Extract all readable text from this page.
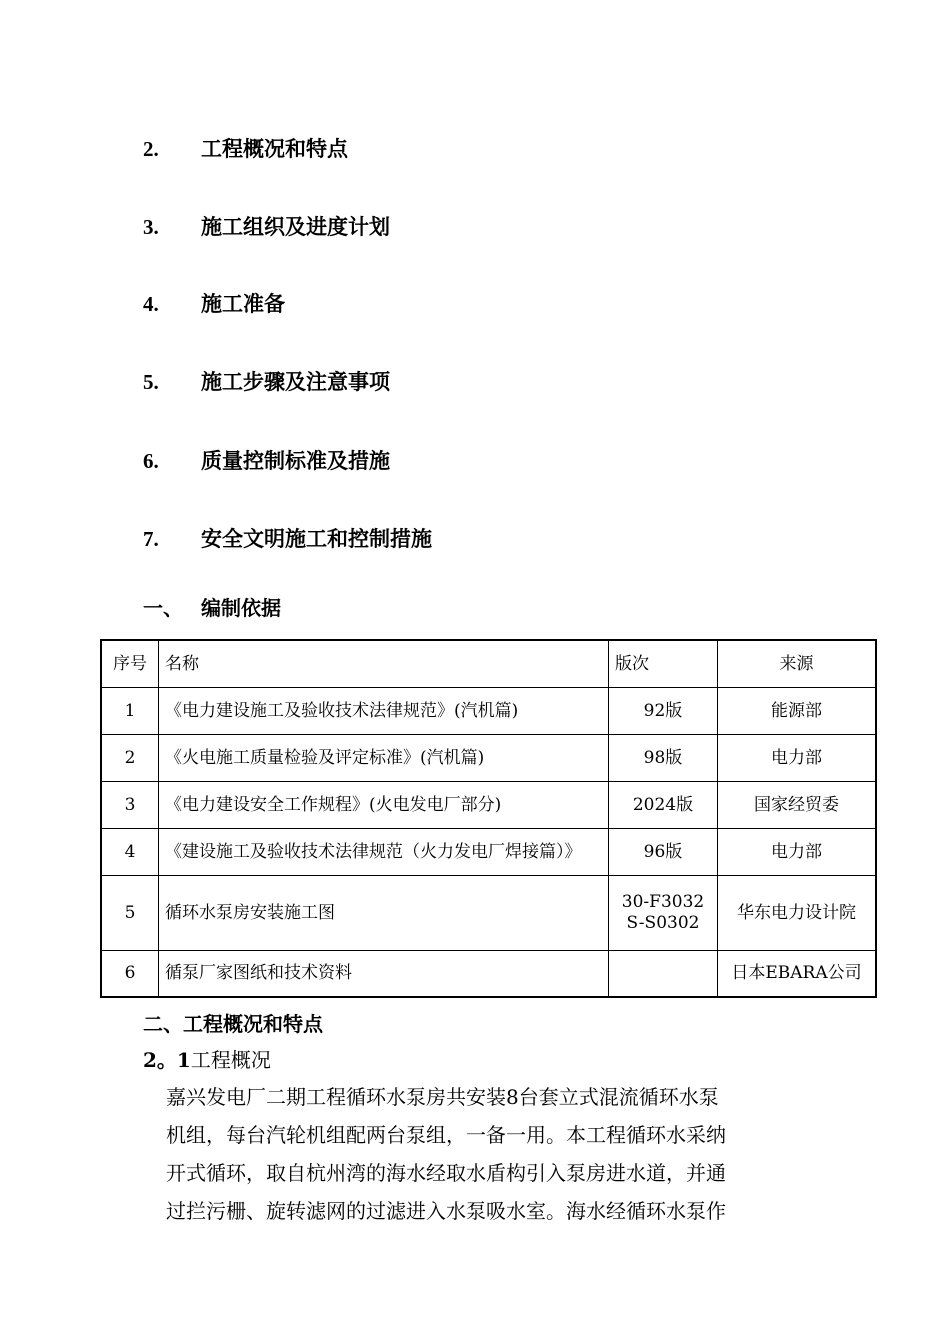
2. 工程概况和特点
3. 施工组织及进度计划
4. 施工准备
5. 施工步骤及注意事项
6. 质量控制标准及措施
7. 安全文明施工和控制措施
一、 编制依据
序号	名称	版次	来源
1	《电力建设施工及验收技术法律规范》(汽机篇)	92版	能源部
2	《火电施工质量检验及评定标准》(汽机篇)	98版	电力部
3	《电力建设安全工作规程》(火电发电厂部分)	2024版	国家经贸委
4	《建设施工及验收技术法律规范（火力发电厂焊接篇）》	96版	电力部
5	循环水泵房安装施工图	30-F3032S-S0302	华东电力设计院
6	循泵厂家图纸和技术资料		日本EBARA公司
二、工程概况和特点
2。1工程概况

嘉兴发电厂二期工程循环水泵房共安装8台套立式混流循环水泵

机组，每台汽轮机组配两台泵组，一备一用。本工程循环水采纳

开式循环，取自杭州湾的海水经取水盾构引入泵房进水道，并通

过拦污栅、旋转滤网的过滤进入水泵吸水室。海水经循环水泵作
